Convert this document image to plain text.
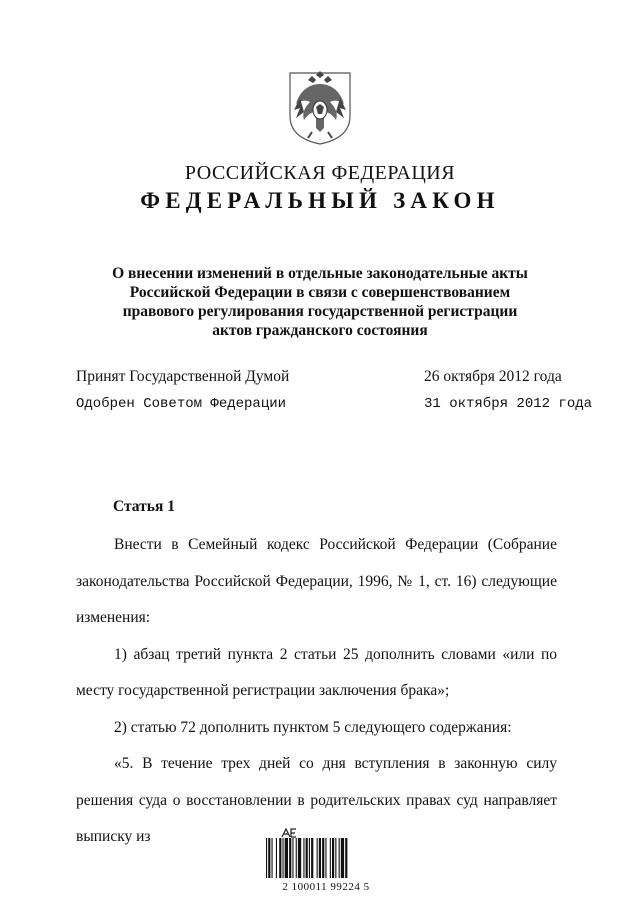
РОССИЙСКАЯ ФЕДЕРАЦИЯ
ФЕДЕРАЛЬНЫЙ ЗАКОН
О внесении изменений в отдельные законодательные акты
Российской Федерации в связи с совершенствованием
правового регулирования государственной регистрации
актов гражданского состояния
Принят Государственной Думой	26 октября 2012 года
Одобрен Советом Федерации	31 октября 2012 года
Статья 1

Внести в Семейный кодекс Российской Федерации (Собрание законодательства Российской Федерации, 1996, № 1, ст. 16) следующие изменения:

1) абзац третий пункта 2 статьи 25 дополнить словами «или по месту государственной регистрации заключения брака»;

2) статью 72 дополнить пунктом 5 следующего содержания:

«5. В течение трех дней со дня вступления в законную силу решения суда о восстановлении в родительских правах суд направляет выписку из

2 100011 99224 5
